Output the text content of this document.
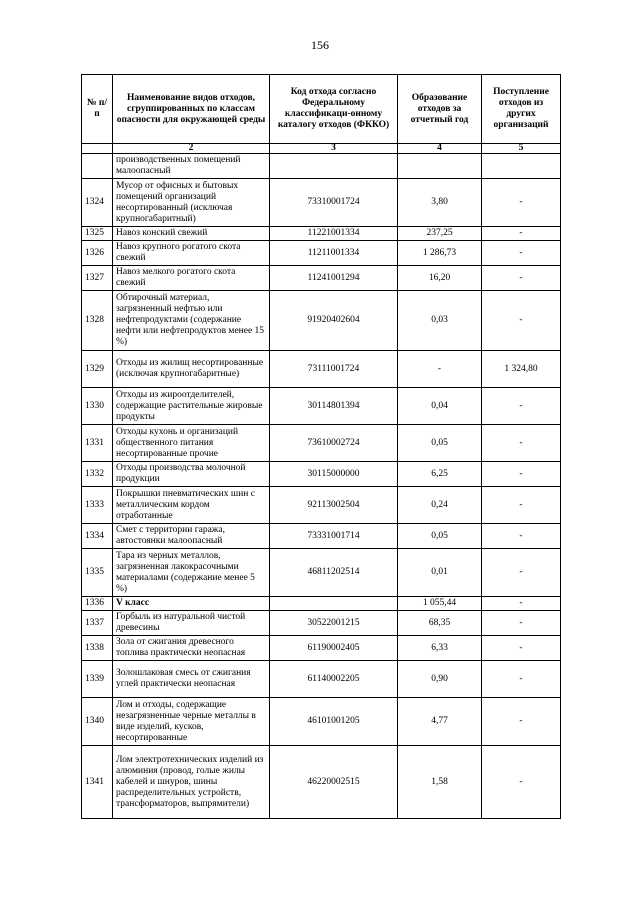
156
№ п/п	Наименование видов отходов, сгруппированных по классам опасности для окружающей среды	Код отхода согласно Федеральному классификаци-онному каталогу отходов (ФККО)	Образование отходов за отчетный год	Поступление отходов из других организаций
	2	3	4	5
	производственных помещений малоопасный			
1324	Мусор от офисных и бытовых помещений организаций несортированный (исключая крупногабаритный)	73310001724	3,80	-
1325	Навоз конский свежий	11221001334	237,25	-
1326	Навоз крупного рогатого скота свежий	11211001334	1 286,73	-
1327	Навоз мелкого рогатого скота свежий	11241001294	16,20	-
1328	Обтирочный материал, загрязненный нефтью или нефтепродуктами (содержание нефти или нефтепродуктов менее 15 %)	91920402604	0,03	-
1329	Отходы из жилищ несортированные (исключая крупногабаритные)	73111001724	-	1 324,80
1330	Отходы из жироотделителей, содержащие растительные жировые продукты	30114801394	0,04	-
1331	Отходы кухонь и организаций общественного питания несортированные прочие	73610002724	0,05	-
1332	Отходы производства молочной продукции	30115000000	6,25	-
1333	Покрышки пневматических шин с металлическим кордом отработанные	92113002504	0,24	-
1334	Смет с территории гаража, автостоянки малоопасный	73331001714	0,05	-
1335	Тара из черных металлов, загрязненная лакокрасочными материалами (содержание менее 5 %)	46811202514	0,01	-
1336	V класс		1 055,44	-
1337	Горбыль из натуральной чистой древесины	30522001215	68,35	-
1338	Зола от сжигания древесного топлива практически неопасная	61190002405	6,33	-
1339	Золошлаковая смесь от сжигания углей практически неопасная	61140002205	0,90	-
1340	Лом и отходы, содержащие незагрязненные черные металлы в виде изделий, кусков, несортированные	46101001205	4,77	-
1341	Лом электротехнических изделий из алюминия (провод, голые жилы кабелей и шнуров, шины распределительных устройств, трансформаторов, выпрямители)	46220002515	1,58	-
